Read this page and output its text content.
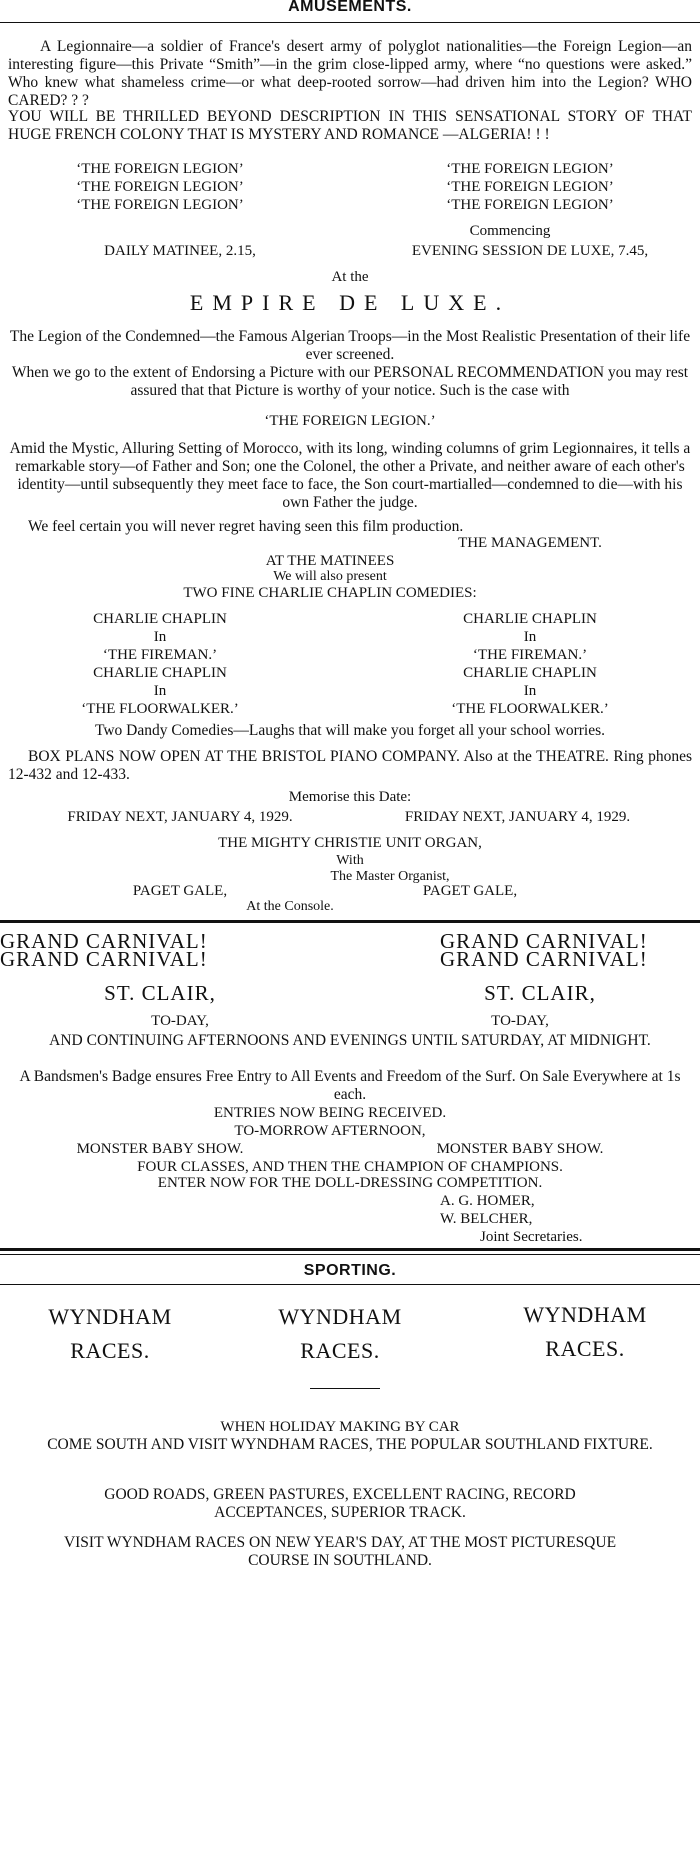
AMUSEMENTS.
A Legionnaire—a soldier of France's desert army of polyglot nationalities—the Foreign Legion—an interesting figure—this Private “Smith”—in the grim close-lipped army, where “no questions were asked.” Who knew what shameless crime—or what deep-rooted sorrow—had driven him into the Legion? WHO CARED? ? ?
YOU WILL BE THRILLED BEYOND DESCRIPTION IN THIS SENSATIONAL STORY OF THAT HUGE FRENCH COLONY THAT IS MYSTERY AND ROMANCE —ALGERIA! ! !
‘THE FOREIGN LEGION’
‘THE FOREIGN LEGION’
‘THE FOREIGN LEGION’
‘THE FOREIGN LEGION’
‘THE FOREIGN LEGION’
‘THE FOREIGN LEGION’
Commencing
DAILY MATINEE, 2.15,	EVENING SESSION DE LUXE, 7.45,
At the
EMPIRE DE LUXE.
The Legion of the Condemned—the Famous Algerian Troops—in the Most Realistic Presentation of their life ever screened.
When we go to the extent of Endorsing a Picture with our PERSONAL RECOMMENDATION you may rest assured that that Picture is worthy of your notice. Such is the case with
‘THE FOREIGN LEGION.’
Amid the Mystic, Alluring Setting of Morocco, with its long, winding columns of grim Legionnaires, it tells a remarkable story—of Father and Son; one the Colonel, the other a Private, and neither aware of each other's identity—until subsequently they meet face to face, the Son court-martialled—condemned to die—with his own Father the judge.
We feel certain you will never regret having seen this film production.
THE MANAGEMENT.
AT THE MATINEES
We will also present
TWO FINE CHARLIE CHAPLIN COMEDIES:
CHARLIE CHAPLIN
In
‘THE FIREMAN.’
CHARLIE CHAPLIN
In
‘THE FIREMAN.’
CHARLIE CHAPLIN
In
‘THE FLOORWALKER.’
CHARLIE CHAPLIN
In
‘THE FLOORWALKER.’
Two Dandy Comedies—Laughs that will make you forget all your school worries.
BOX PLANS NOW OPEN AT THE BRISTOL PIANO COMPANY. Also at the THEATRE. Ring phones 12-432 and 12-433.
Memorise this Date:
FRIDAY NEXT, JANUARY 4, 1929.	FRIDAY NEXT, JANUARY 4, 1929.
THE MIGHTY CHRISTIE UNIT ORGAN,
With
The Master Organist,
PAGET GALE,	PAGET GALE,
At the Console.
GRAND CARNIVAL!
GRAND CARNIVAL!
GRAND CARNIVAL!
GRAND CARNIVAL!
ST. CLAIR,	ST. CLAIR,
TO-DAY,	TO-DAY,
AND CONTINUING AFTERNOONS AND EVENINGS UNTIL SATURDAY, AT MIDNIGHT.
A Bandsmen's Badge ensures Free Entry to All Events and Freedom of the Surf. On Sale Everywhere at 1s each.
ENTRIES NOW BEING RECEIVED.
TO-MORROW AFTERNOON,
MONSTER BABY SHOW.	MONSTER BABY SHOW.
FOUR CLASSES, AND THEN THE CHAMPION OF CHAMPIONS.
ENTER NOW FOR THE DOLL-DRESSING COMPETITION.
A. G. HOMER,
W. BELCHER,
Joint Secretaries.
SPORTING.
WYNDHAM
RACES.
WYNDHAM
RACES.
WYNDHAM
RACES.
WHEN HOLIDAY MAKING BY CAR
COME SOUTH AND VISIT WYNDHAM RACES, THE POPULAR SOUTHLAND FIXTURE.
GOOD ROADS, GREEN PASTURES, EXCELLENT RACING, RECORD ACCEPTANCES, SUPERIOR TRACK.
VISIT WYNDHAM RACES ON NEW YEAR'S DAY, AT THE MOST PICTURESQUE COURSE IN SOUTHLAND.
